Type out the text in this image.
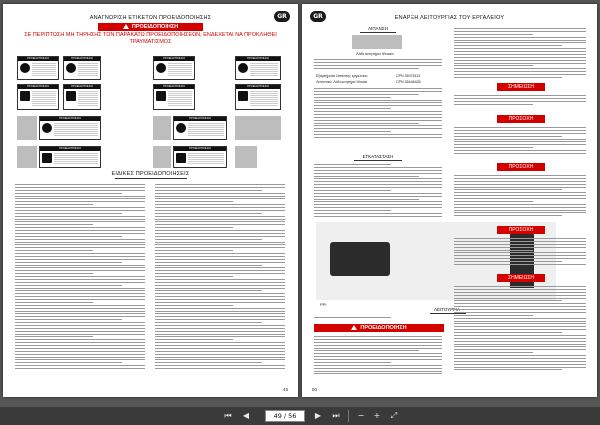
GR
ΑΝΑΓΝΩΡΙΣΗ ΕΤΙΚΕΤΩΝ ΠΡΟΕΙΔΟΠΟΙΗΣΗΣ
ΠΡΟΕΙΔΟΠΟΙΗΣΗ
ΣΕ ΠΕΡΙΠΤΩΣΗ ΜΗ ΤΗΡΗΣΗΣ ΤΩΝ ΠΑΡΑΚΑΤΩ ΠΡΟΕΙΔΟΠΟΙΗΣΕΩΝ, ΕΝΔΕΧΕΤΑΙ ΝΑ ΠΡΟΚΛΗΘΕΙ ΤΡΑΥΜΑΤΙΣΜΟΣ
ΠΡΟΕΙΔΟΠΟΙΗΣΗ	ΠΡΟΕΙΔΟΠΟΙΗΣΗ	ΠΡΟΕΙΔΟΠΟΙΗΣΗ	ΠΡΟΕΙΔΟΠΟΙΗΣΗ
ΠΡΟΕΙΔΟΠΟΙΗΣΗ	ΠΡΟΕΙΔΟΠΟΙΗΣΗ	ΠΡΟΕΙΔΟΠΟΙΗΣΗ	ΠΡΟΕΙΔΟΠΟΙΗΣΗ
ΠΡΟΕΙΔΟΠΟΙΗΣΗ	ΠΡΟΕΙΔΟΠΟΙΗΣΗ
ΠΡΟΕΙΔΟΠΟΙΗΣΗ	ΠΡΟΕΙΔΟΠΟΙΗΣΗ
ΕΙΔΙΚΕΣ ΠΡΟΕΙΔΟΠΟΙΗΣΕΙΣ
49
GR	ΕΝΑΡΞΗ ΛΕΙΤΟΥΡΓΙΑΣ ΤΟΥ ΕΡΓΑΛΕΙΟΥ
ΛΙΠΑΝΣΗ
Λάδι κινητήρα Ψεκασ
Εξαρτήματα λίπανσης εργαλείου	CPN 35375113
Λιπαντικό, Λάδι κινητήρα Ψεκασ	CPN 35446405
ΕΓΚΑΤΑΣΤΑΣΗ
PPI
ΛΕΙΤΟΥΡΓΙΑ
ΠΡΟΕΙΔΟΠΟΙΗΣΗ
ΣΗΜΕΙΩΣΗ
ΠΡΟΣΟΧΗ
ΠΡΟΣΟΧΗ
ΠΡΟΣΟΧΗ
ΣΗΜΕΙΩΣΗ
50
⏮	◀	49 / 56	▶	⏭	−	+	⤢
